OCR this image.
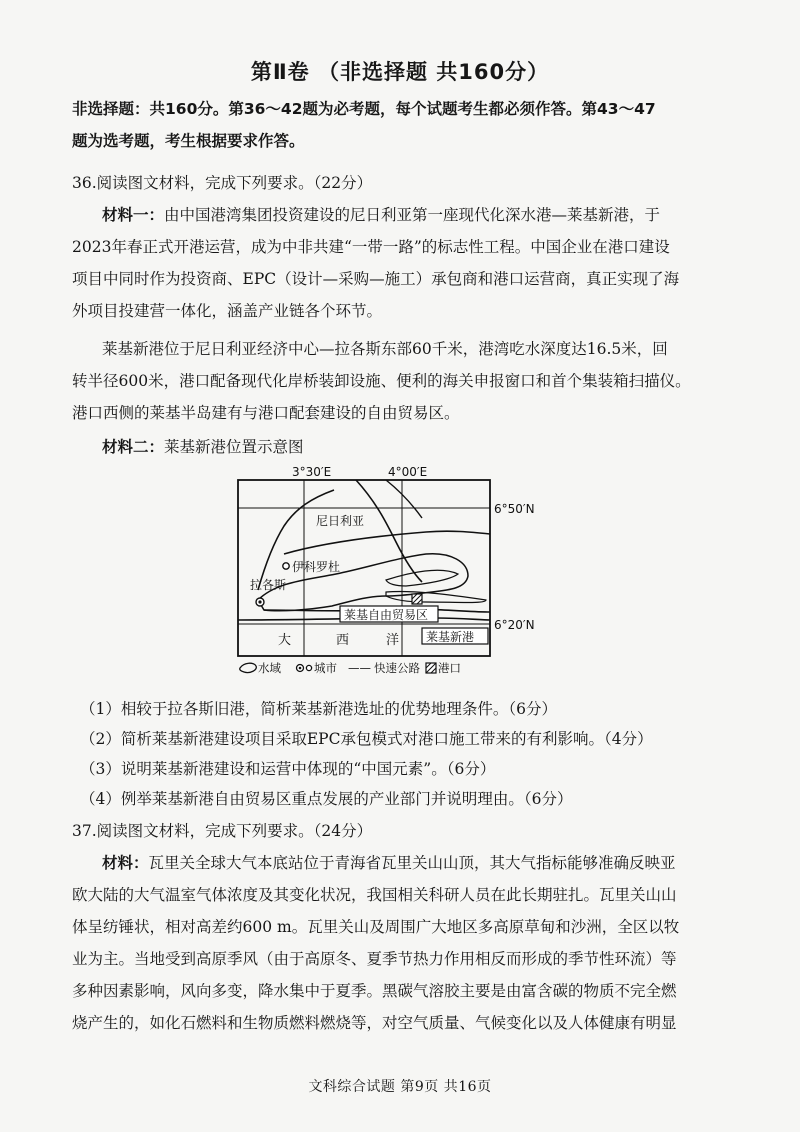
第Ⅱ卷 （非选择题 共160分）
非选择题：共160分。第36～42题为必考题，每个试题考生都必须作答。第43～47
题为选考题，考生根据要求作答。
36.阅读图文材料，完成下列要求。（22分）
材料一：由中国港湾集团投资建设的尼日利亚第一座现代化深水港—莱基新港，于
2023年春正式开港运营，成为中非共建“一带一路”的标志性工程。中国企业在港口建设
项目中同时作为投资商、EPC（设计—采购—施工）承包商和港口运营商，真正实现了海
外项目投建营一体化，涵盖产业链各个环节。
莱基新港位于尼日利亚经济中心—拉各斯东部60千米，港湾吃水深度达16.5米，回
转半径600米，港口配备现代化岸桥装卸设施、便利的海关申报窗口和首个集装箱扫描仪。
港口西侧的莱基半岛建有与港口配套建设的自由贸易区。
材料二：莱基新港位置示意图
3°30′E	4°00′E
6°50′N
6°20′N
尼日利亚
伊科罗杜
拉各斯
莱基自由贸易区
大	西	洋 莱基新港
水域	城市 —— 快速公路 港口
（1）相较于拉各斯旧港，简析莱基新港选址的优势地理条件。（6分）
（2）简析莱基新港建设项目采取EPC承包模式对港口施工带来的有利影响。（4分）
（3）说明莱基新港建设和运营中体现的“中国元素”。（6分）
（4）例举莱基新港自由贸易区重点发展的产业部门并说明理由。（6分）
37.阅读图文材料，完成下列要求。（24分）
材料：瓦里关全球大气本底站位于青海省瓦里关山山顶，其大气指标能够准确反映亚
欧大陆的大气温室气体浓度及其变化状况，我国相关科研人员在此长期驻扎。瓦里关山山
体呈纺锤状，相对高差约600 m。瓦里关山及周围广大地区多高原草甸和沙洲，全区以牧
业为主。当地受到高原季风（由于高原冬、夏季节热力作用相反而形成的季节性环流）等
多种因素影响，风向多变，降水集中于夏季。黑碳气溶胶主要是由富含碳的物质不完全燃
烧产生的，如化石燃料和生物质燃料燃烧等，对空气质量、气候变化以及人体健康有明显
文科综合试题 第9页 共16页
